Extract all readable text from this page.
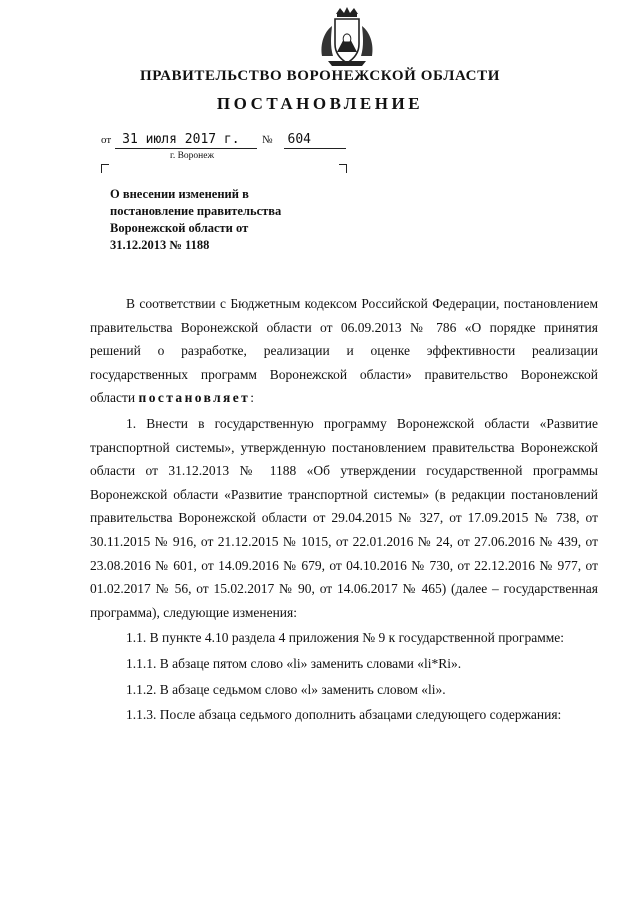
ПРАВИТЕЛЬСТВО ВОРОНЕЖСКОЙ ОБЛАСТИ
ПОСТАНОВЛЕНИЕ
от 31 июля 2017 г.	№ 604
г. Воронеж
О внесении изменений в
постановление правительства
Воронежской области от
31.12.2013 № 1188

В соответствии с Бюджетным кодексом Российской Федерации, постановлением правительства Воронежской области от 06.09.2013 № 786 «О порядке принятия решений о разработке, реализации и оценке эффективности реализации государственных программ Воронежской области» правительство Воронежской области постановляет:

1. Внести в государственную программу Воронежской области «Развитие транспортной системы», утвержденную постановлением правительства Воронежской области от 31.12.2013 № 1188 «Об утверждении государственной программы Воронежской области «Развитие транспортной системы» (в редакции постановлений правительства Воронежской области от 29.04.2015 № 327, от 17.09.2015 № 738, от 30.11.2015 № 916, от 21.12.2015 № 1015, от 22.01.2016 № 24, от 27.06.2016 № 439, от 23.08.2016 № 601, от 14.09.2016 № 679, от 04.10.2016 № 730, от 22.12.2016 № 977, от 01.02.2017 № 56, от 15.02.2017 № 90, от 14.06.2017 № 465) (далее – государственная программа), следующие изменения:

1.1. В пункте 4.10 раздела 4 приложения № 9 к государственной программе:

1.1.1. В абзаце пятом слово «li» заменить словами «li*Ri».

1.1.2. В абзаце седьмом слово «l» заменить словом «li».

1.1.3. После абзаца седьмого дополнить абзацами следующего содержания:
